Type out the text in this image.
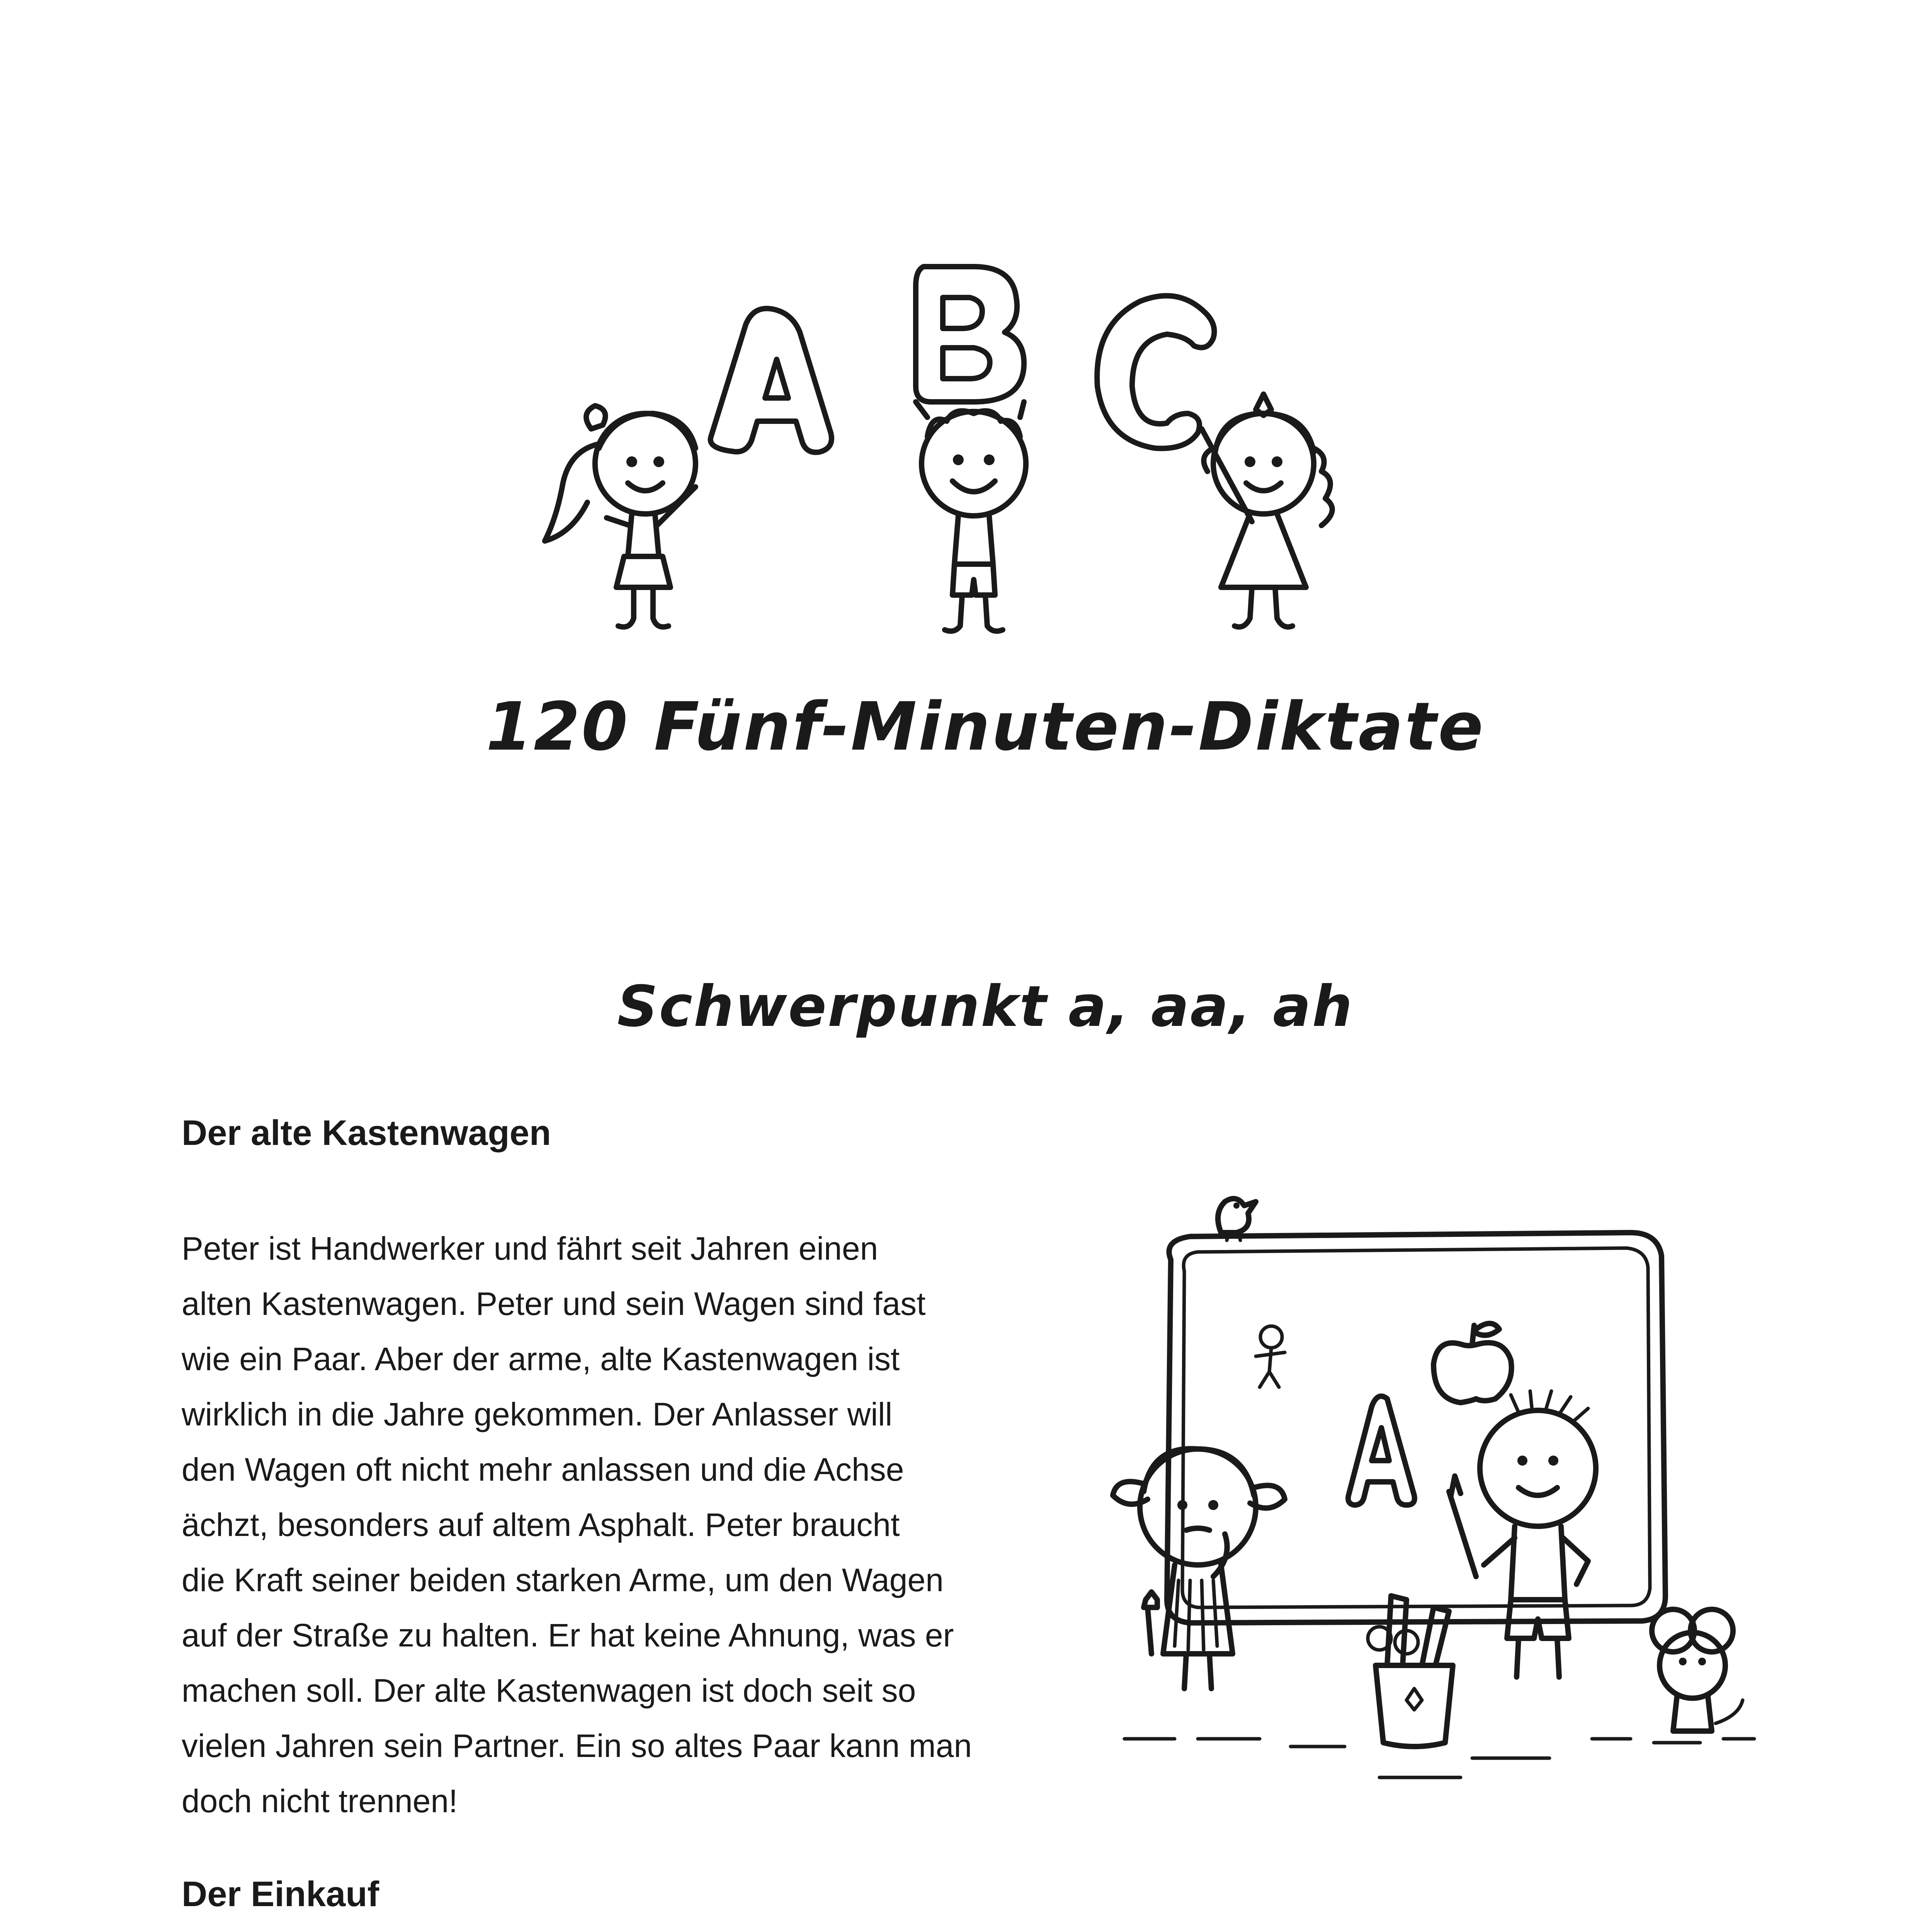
120 Fünf-Minuten-Diktate
Schwerpunkt a, aa, ah
Der alte Kastenwagen
Peter ist Handwerker und fährt seit Jahren einen
alten Kastenwagen. Peter und sein Wagen sind fast
wie ein Paar. Aber der arme, alte Kastenwagen ist
wirklich in die Jahre gekommen. Der Anlasser will
den Wagen oft nicht mehr anlassen und die Achse
ächzt, besonders auf altem Asphalt. Peter braucht
die Kraft seiner beiden starken Arme, um den Wagen
auf der Straße zu halten. Er hat keine Ahnung, was er
machen soll. Der alte Kastenwagen ist doch seit so
vielen Jahren sein Partner. Ein so altes Paar kann man
doch nicht trennen!
Der Einkauf
